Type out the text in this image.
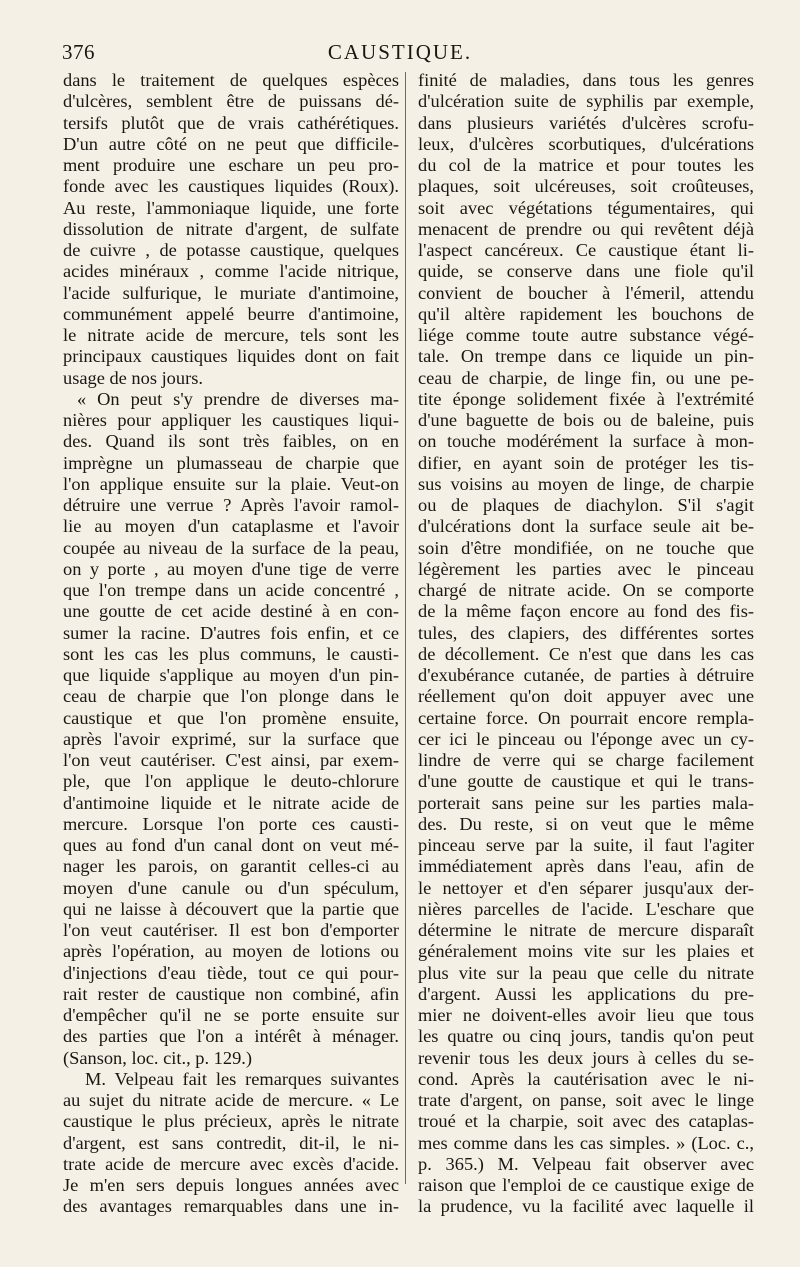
376	CAUSTIQUE.
dans le traitement de quelques espèces
d'ulcères, semblent être de puissans dé-
tersifs plutôt que de vrais cathérétiques.
D'un autre côté on ne peut que difficile-
ment produire une eschare un peu pro-
fonde avec les caustiques liquides (Roux).
Au reste, l'ammoniaque liquide, une forte
dissolution de nitrate d'argent, de sulfate
de cuivre , de potasse caustique, quelques
acides minéraux , comme l'acide nitrique,
l'acide sulfurique, le muriate d'antimoine,
communément appelé beurre d'antimoine,
le nitrate acide de mercure, tels sont les
principaux caustiques liquides dont on fait
usage de nos jours.
« On peut s'y prendre de diverses ma-
nières pour appliquer les caustiques liqui-
des. Quand ils sont très faibles, on en
imprègne un plumasseau de charpie que
l'on applique ensuite sur la plaie. Veut-on
détruire une verrue ? Après l'avoir ramol-
lie au moyen d'un cataplasme et l'avoir
coupée au niveau de la surface de la peau,
on y porte , au moyen d'une tige de verre
que l'on trempe dans un acide concentré ,
une goutte de cet acide destiné à en con-
sumer la racine. D'autres fois enfin, et ce
sont les cas les plus communs, le causti-
que liquide s'applique au moyen d'un pin-
ceau de charpie que l'on plonge dans le
caustique et que l'on promène ensuite,
après l'avoir exprimé, sur la surface que
l'on veut cautériser. C'est ainsi, par exem-
ple, que l'on applique le deuto-chlorure
d'antimoine liquide et le nitrate acide de
mercure. Lorsque l'on porte ces causti-
ques au fond d'un canal dont on veut mé-
nager les parois, on garantit celles-ci au
moyen d'une canule ou d'un spéculum,
qui ne laisse à découvert que la partie que
l'on veut cautériser. Il est bon d'emporter
après l'opération, au moyen de lotions ou
d'injections d'eau tiède, tout ce qui pour-
rait rester de caustique non combiné, afin
d'empêcher qu'il ne se porte ensuite sur
des parties que l'on a intérêt à ménager.
(Sanson, loc. cit., p. 129.)
M. Velpeau fait les remarques suivantes
au sujet du nitrate acide de mercure. « Le
caustique le plus précieux, après le nitrate
d'argent, est sans contredit, dit-il, le ni-
trate acide de mercure avec excès d'acide.
Je m'en sers depuis longues années avec
des avantages remarquables dans une in-
finité de maladies, dans tous les genres
d'ulcération suite de syphilis par exemple,
dans plusieurs variétés d'ulcères scrofu-
leux, d'ulcères scorbutiques, d'ulcérations
du col de la matrice et pour toutes les
plaques, soit ulcéreuses, soit croûteuses,
soit avec végétations tégumentaires, qui
menacent de prendre ou qui revêtent déjà
l'aspect cancéreux. Ce caustique étant li-
quide, se conserve dans une fiole qu'il
convient de boucher à l'émeril, attendu
qu'il altère rapidement les bouchons de
liége comme toute autre substance végé-
tale. On trempe dans ce liquide un pin-
ceau de charpie, de linge fin, ou une pe-
tite éponge solidement fixée à l'extrémité
d'une baguette de bois ou de baleine, puis
on touche modérément la surface à mon-
difier, en ayant soin de protéger les tis-
sus voisins au moyen de linge, de charpie
ou de plaques de diachylon. S'il s'agit
d'ulcérations dont la surface seule ait be-
soin d'être mondifiée, on ne touche que
légèrement les parties avec le pinceau
chargé de nitrate acide. On se comporte
de la même façon encore au fond des fis-
tules, des clapiers, des différentes sortes
de décollement. Ce n'est que dans les cas
d'exubérance cutanée, de parties à détruire
réellement qu'on doit appuyer avec une
certaine force. On pourrait encore rempla-
cer ici le pinceau ou l'éponge avec un cy-
lindre de verre qui se charge facilement
d'une goutte de caustique et qui le trans-
porterait sans peine sur les parties mala-
des. Du reste, si on veut que le même
pinceau serve par la suite, il faut l'agiter
immédiatement après dans l'eau, afin de
le nettoyer et d'en séparer jusqu'aux der-
nières parcelles de l'acide. L'eschare que
détermine le nitrate de mercure disparaît
généralement moins vite sur les plaies et
plus vite sur la peau que celle du nitrate
d'argent. Aussi les applications du pre-
mier ne doivent-elles avoir lieu que tous
les quatre ou cinq jours, tandis qu'on peut
revenir tous les deux jours à celles du se-
cond. Après la cautérisation avec le ni-
trate d'argent, on panse, soit avec le linge
troué et la charpie, soit avec des cataplas-
mes comme dans les cas simples. » (Loc. c.,
p. 365.) M. Velpeau fait observer avec
raison que l'emploi de ce caustique exige de
la prudence, vu la facilité avec laquelle il
